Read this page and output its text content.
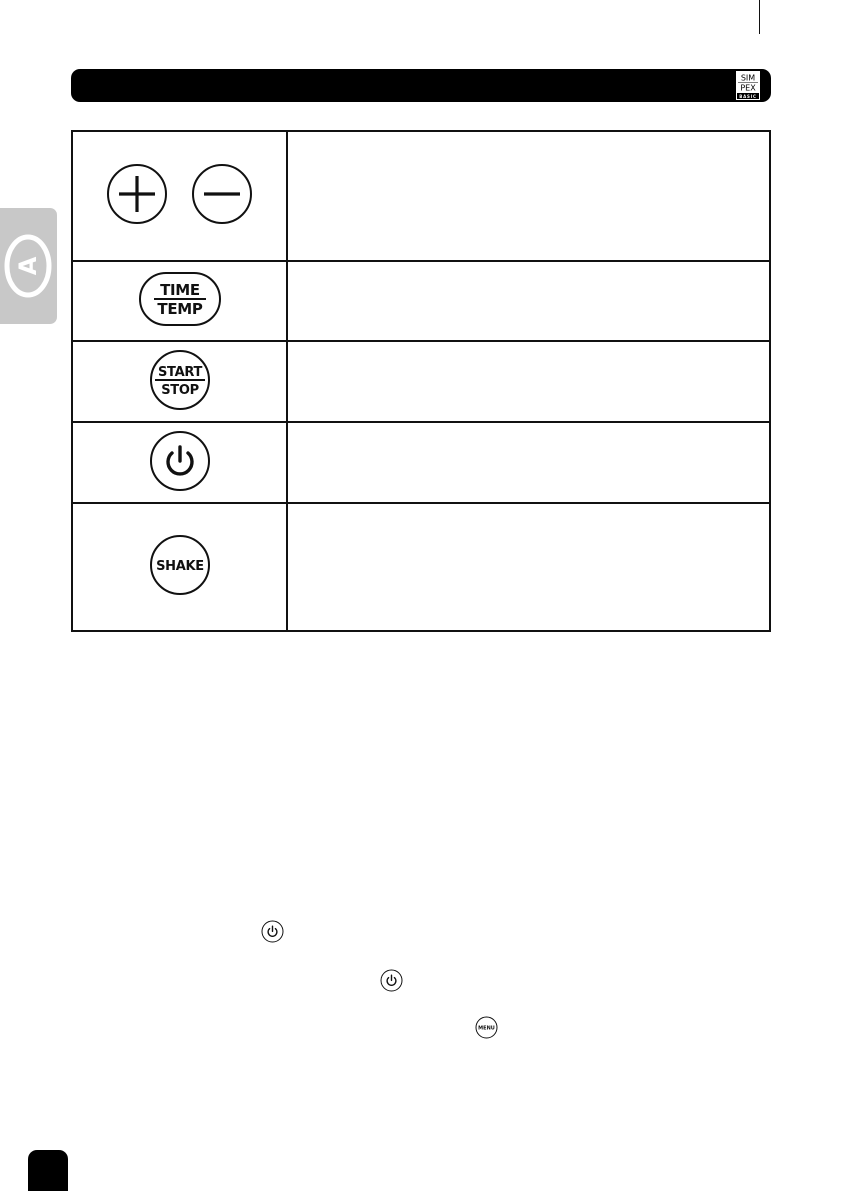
SIM
PEX
BASIC
A

TIME
TEMP	

START
STOP	

SHAKE	

MENU
